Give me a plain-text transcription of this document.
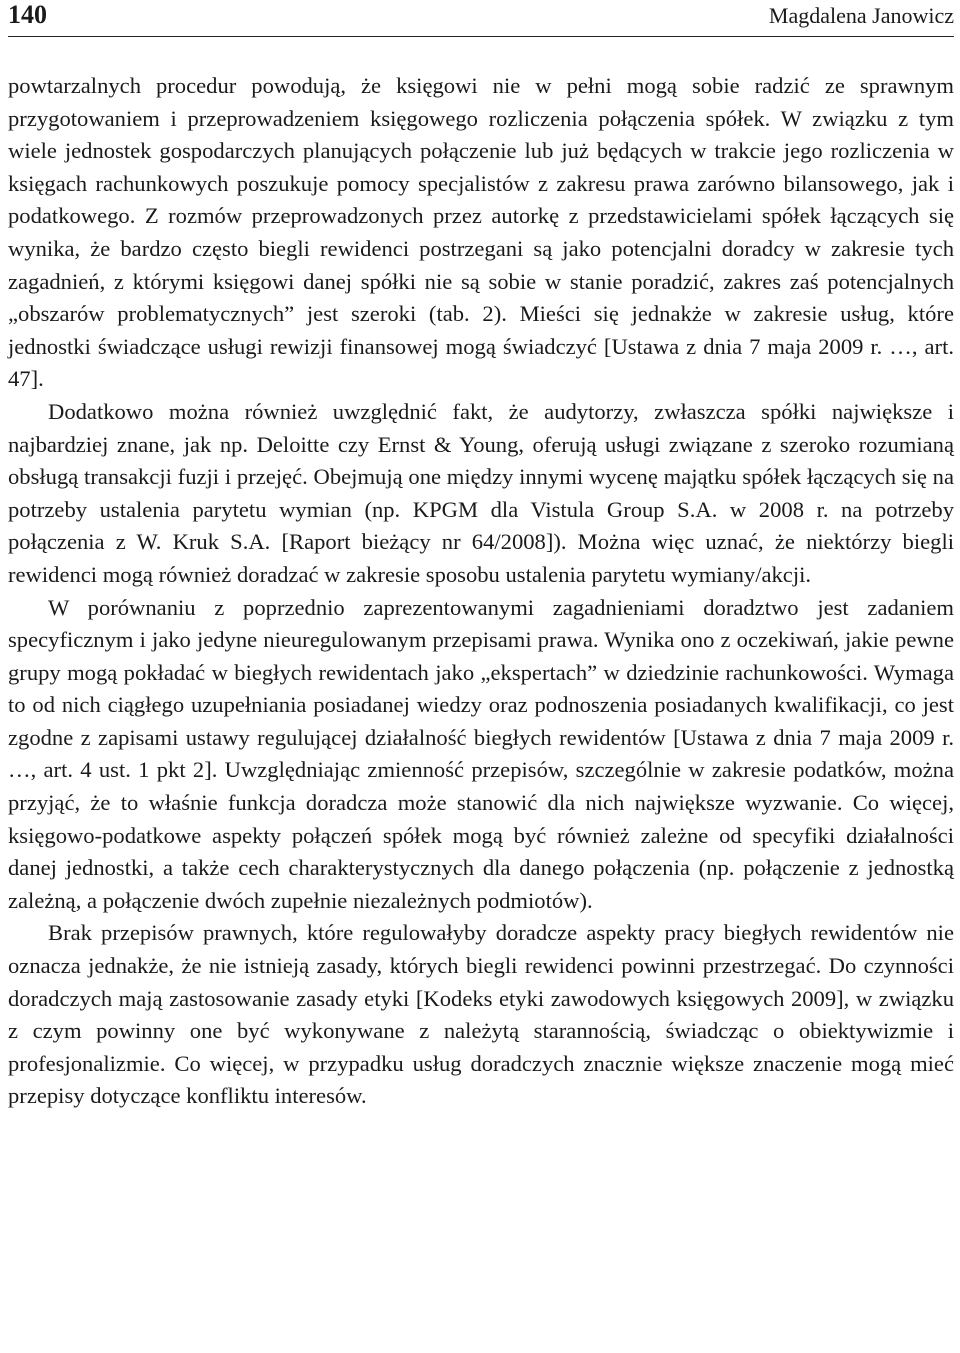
140	Magdalena Janowicz

powtarzalnych procedur powodują, że księgowi nie w pełni mogą sobie radzić ze sprawnym przygotowaniem i przeprowadzeniem księgowego rozliczenia połączenia spółek. W związku z tym wiele jednostek gospodarczych planujących połączenie lub już będących w trakcie jego rozliczenia w księgach rachunkowych poszukuje pomocy specjalistów z zakresu prawa zarówno bilansowego, jak i podatkowego. Z rozmów przeprowadzonych przez autorkę z przedstawicielami spółek łączących się wynika, że bardzo często biegli rewidenci postrzegani są jako potencjalni doradcy w zakresie tych zagadnień, z którymi księgowi danej spółki nie są sobie w stanie poradzić, zakres zaś potencjalnych „obszarów problematycznych” jest szeroki (tab. 2). Mieści się jednakże w zakresie usług, które jednostki świadczące usługi rewizji finansowej mogą świadczyć [Ustawa z dnia 7 maja 2009 r. …, art. 47].

Dodatkowo można również uwzględnić fakt, że audytorzy, zwłaszcza spółki największe i najbardziej znane, jak np. Deloitte czy Ernst & Young, oferują usługi związane z szeroko rozumianą obsługą transakcji fuzji i przejęć. Obejmują one między innymi wycenę majątku spółek łączących się na potrzeby ustalenia parytetu wymian (np. KPGM dla Vistula Group S.A. w 2008 r. na potrzeby połączenia z W. Kruk S.A. [Raport bieżący nr 64/2008]). Można więc uznać, że niektórzy biegli rewidenci mogą również doradzać w zakresie sposobu ustalenia parytetu wymiany/akcji.

W porównaniu z poprzednio zaprezentowanymi zagadnieniami doradztwo jest zadaniem specyficznym i jako jedyne nieuregulowanym przepisami prawa. Wynika ono z oczekiwań, jakie pewne grupy mogą pokładać w biegłych rewidentach jako „ekspertach” w dziedzinie rachunkowości. Wymaga to od nich ciągłego uzupełniania posiadanej wiedzy oraz podnoszenia posiadanych kwalifikacji, co jest zgodne z zapisami ustawy regulującej działalność biegłych rewidentów [Ustawa z dnia 7 maja 2009 r. …, art. 4 ust. 1 pkt 2]. Uwzględniając zmienność przepisów, szczególnie w zakresie podatków, można przyjąć, że to właśnie funkcja doradcza może stanowić dla nich największe wyzwanie. Co więcej, księgowo-podatkowe aspekty połączeń spółek mogą być również zależne od specyfiki działalności danej jednostki, a także cech charakterystycznych dla danego połączenia (np. połączenie z jednostką zależną, a połączenie dwóch zupełnie niezależnych podmiotów).

Brak przepisów prawnych, które regulowałyby doradcze aspekty pracy biegłych rewidentów nie oznacza jednakże, że nie istnieją zasady, których biegli rewidenci powinni przestrzegać. Do czynności doradczych mają zastosowanie zasady etyki [Kodeks etyki zawodowych księgowych 2009], w związku z czym powinny one być wykonywane z należytą starannością, świadcząc o obiektywizmie i profesjonalizmie. Co więcej, w przypadku usług doradczych znacznie większe znaczenie mogą mieć przepisy dotyczące konfliktu interesów.
